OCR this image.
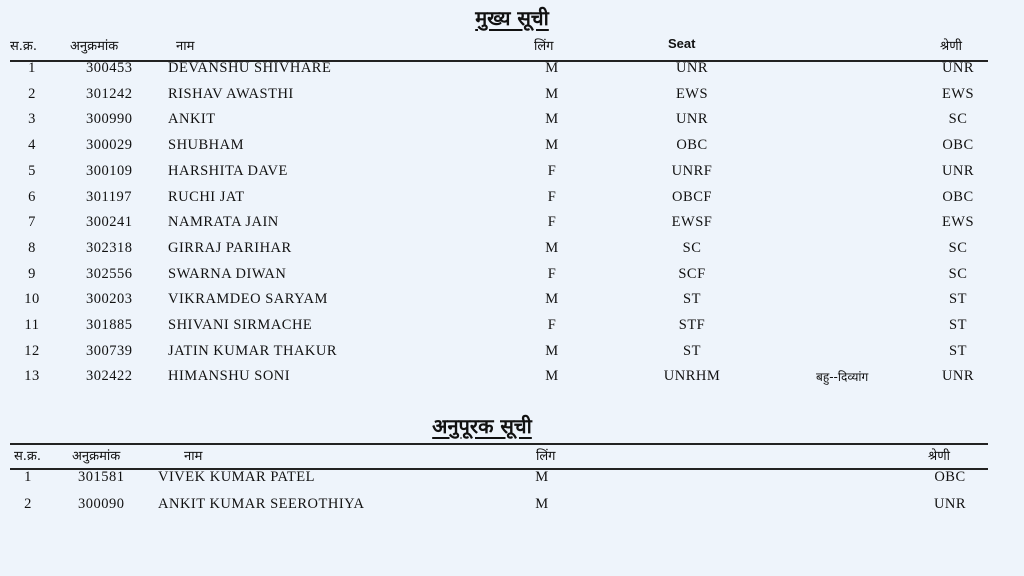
मुख्य सूची
स.क्र.	अनुक्रमांक	नाम	लिंग	Seat	श्रेणी
1	300453 DEVANSHU SHIVHARE	M	UNR	UNR
2	301242 RISHAV AWASTHI	M	EWS	EWS
3	300990 ANKIT	M	UNR	SC
4	300029 SHUBHAM	M	OBC	OBC
5	300109 HARSHITA DAVE	F	UNRF	UNR
6	301197 RUCHI JAT	F	OBCF	OBC
7	300241 NAMRATA JAIN	F	EWSF	EWS
8	302318 GIRRAJ PARIHAR	M	SC	SC
9	302556 SWARNA DIWAN	F	SCF	SC
10	300203 VIKRAMDEO SARYAM	M	ST	ST
11	301885 SHIVANI SIRMACHE	F	STF	ST
12	300739 JATIN KUMAR THAKUR	M	ST	ST
13	302422 HIMANSHU SONI	M	UNRHM	बहु--दिव्यांग	UNR
अनुपूरक सूची
स.क्र. अनुक्रमांक	नाम	लिंग	श्रेणी
1	301581 VIVEK KUMAR PATEL	M	OBC
2	300090 ANKIT KUMAR SEEROTHIYA	M	UNR
